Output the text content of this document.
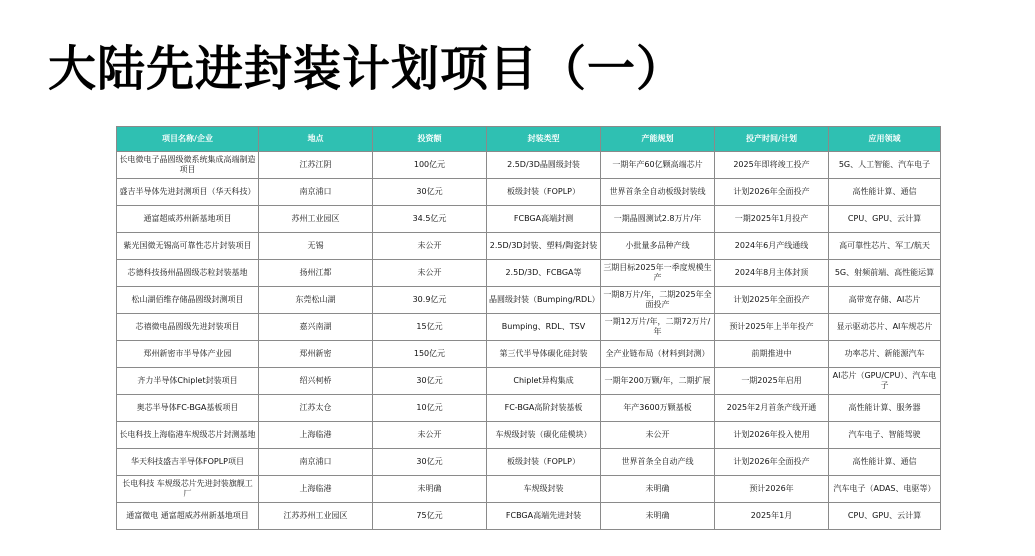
大陆先进封装计划项目（一）
项目名称/企业	地点	投资额	封装类型	产能规划	投产时间/计划	应用领域
长电微电子晶圆级微系统集成高端制造项目	江苏江阴	100亿元	2.5D/3D晶圆级封装	一期年产60亿颗高端芯片	2025年即将竣工投产	5G、人工智能、汽车电子
盛吉半导体先进封测项目（华天科技）	南京浦口	30亿元	板级封装（FOPLP）	世界首条全自动板级封装线	计划2026年全面投产	高性能计算、通信
通富超威苏州新基地项目	苏州工业园区	34.5亿元	FCBGA高端封测	一期晶圆测试2.8万片/年	一期2025年1月投产	CPU、GPU、云计算
紫光国微无锡高可靠性芯片封装项目	无锡	未公开	2.5D/3D封装、塑料/陶瓷封装	小批量多品种产线	2024年6月产线通线	高可靠性芯片、军工/航天
芯德科技扬州晶圆级芯粒封装基地	扬州江都	未公开	2.5D/3D、FCBGA等	三期目标2025年一季度规模生产	2024年8月主体封顶	5G、射频前端、高性能运算
松山湖佰维存储晶圆级封测项目	东莞松山湖	30.9亿元	晶圆级封装（Bumping/RDL）	一期8万片/年，二期2025年全面投产	计划2025年全面投产	高带宽存储、AI芯片
芯禧微电晶圆级先进封装项目	嘉兴南湖	15亿元	Bumping、RDL、TSV	一期12万片/年，二期72万片/年	预计2025年上半年投产	显示驱动芯片、AI车规芯片
郑州新密市半导体产业园	郑州新密	150亿元	第三代半导体碳化硅封装	全产业链布局（材料到封测）	前期推进中	功率芯片、新能源汽车
齐力半导体Chiplet封装项目	绍兴柯桥	30亿元	Chiplet异构集成	一期年200万颗/年，二期扩展	一期2025年启用	AI芯片（GPU/CPU）、汽车电子
奥芯半导体FC-BGA基板项目	江苏太仓	10亿元	FC-BGA高阶封装基板	年产3600万颗基板	2025年2月首条产线开通	高性能计算、服务器
长电科技上海临港车规级芯片封测基地	上海临港	未公开	车规级封装（碳化硅模块）	未公开	计划2026年投入使用	汽车电子、智能驾驶
华天科技盛吉半导体FOPLP项目	南京浦口	30亿元	板级封装（FOPLP）	世界首条全自动产线	计划2026年全面投产	高性能计算、通信
长电科技 车规级芯片先进封装旗舰工厂	上海临港	未明确	车规级封装	未明确	预计2026年	汽车电子（ADAS、电驱等）
通富微电 通富超威苏州新基地项目	江苏苏州工业园区	75亿元	FCBGA高端先进封装	未明确	2025年1月	CPU、GPU、云计算
